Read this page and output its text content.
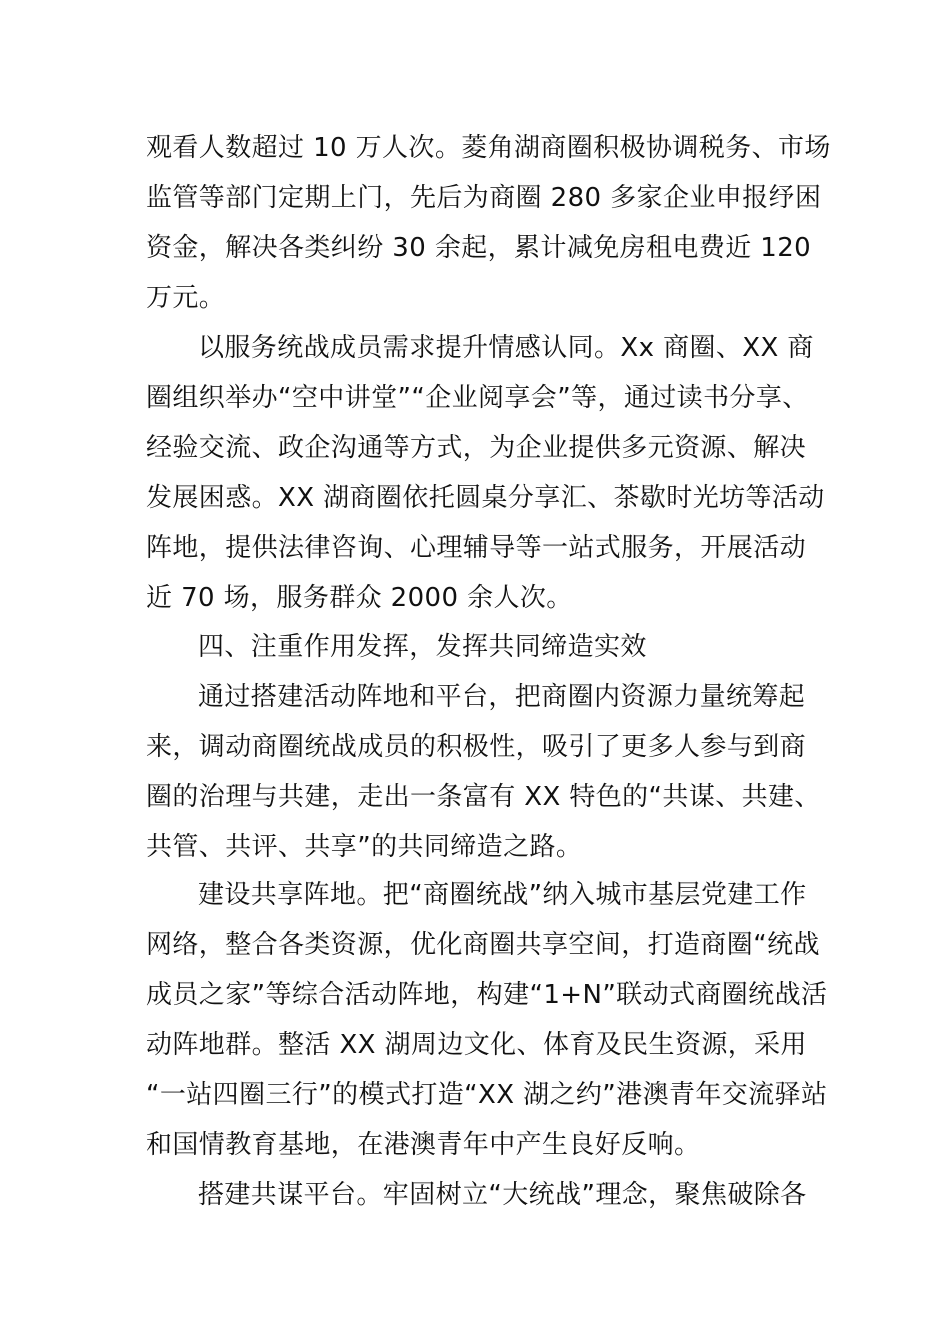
观看人数超过 10 万人次。菱角湖商圈积极协调税务、市场
监管等部门定期上门，先后为商圈 280 多家企业申报纾困
资金，解决各类纠纷 30 余起，累计减免房租电费近 120
万元。
以服务统战成员需求提升情感认同。Xx 商圈、XX 商
圈组织举办“空中讲堂”“企业阅享会”等，通过读书分享、
经验交流、政企沟通等方式，为企业提供多元资源、解决
发展困惑。XX 湖商圈依托圆桌分享汇、茶歇时光坊等活动
阵地，提供法律咨询、心理辅导等一站式服务，开展活动
近 70 场，服务群众 2000 余人次。
四、注重作用发挥，发挥共同缔造实效
通过搭建活动阵地和平台，把商圈内资源力量统筹起
来，调动商圈统战成员的积极性，吸引了更多人参与到商
圈的治理与共建，走出一条富有 XX 特色的“共谋、共建、
共管、共评、共享”的共同缔造之路。
建设共享阵地。把“商圈统战”纳入城市基层党建工作
网络，整合各类资源，优化商圈共享空间，打造商圈“统战
成员之家”等综合活动阵地，构建“1+N”联动式商圈统战活
动阵地群。整活 XX 湖周边文化、体育及民生资源，采用
“一站四圈三行”的模式打造“XX 湖之约”港澳青年交流驿站
和国情教育基地，在港澳青年中产生良好反响。
搭建共谋平台。牢固树立“大统战”理念，聚焦破除各
